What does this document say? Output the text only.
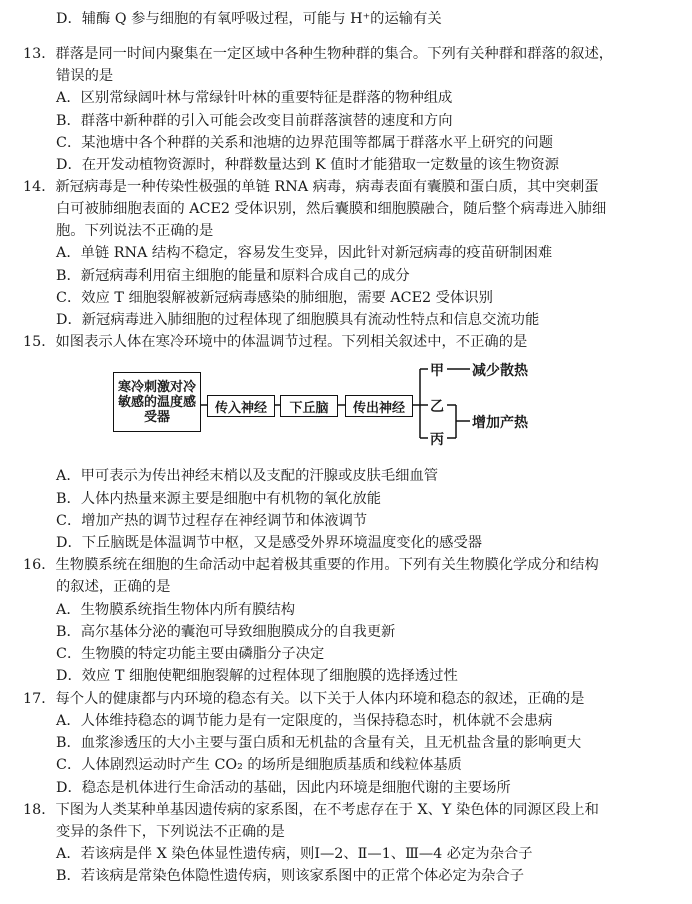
D．辅酶 Q 参与细胞的有氧呼吸过程，可能与 H⁺的运输有关
13．群落是同一时间内聚集在一定区域中各种生物种群的集合。下列有关种群和群落的叙述，
错误的是
A．区别常绿阔叶林与常绿针叶林的重要特征是群落的物种组成
B．群落中新种群的引入可能会改变目前群落演替的速度和方向
C．某池塘中各个种群的关系和池塘的边界范围等都属于群落水平上研究的问题
D．在开发动植物资源时，种群数量达到 K 值时才能猎取一定数量的该生物资源
14．新冠病毒是一种传染性极强的单链 RNA 病毒，病毒表面有囊膜和蛋白质，其中突刺蛋
白可被肺细胞表面的 ACE2 受体识别，然后囊膜和细胞膜融合，随后整个病毒进入肺细
胞。下列说法不正确的是
A．单链 RNA 结构不稳定，容易发生变异，因此针对新冠病毒的疫苗研制困难
B．新冠病毒利用宿主细胞的能量和原料合成自己的成分
C．效应 T 细胞裂解被新冠病毒感染的肺细胞，需要 ACE2 受体识别
D．新冠病毒进入肺细胞的过程体现了细胞膜具有流动性特点和信息交流功能
15．如图表示人体在寒冷环境中的体温调节过程。下列相关叙述中，不正确的是
A．甲可表示为传出神经末梢以及支配的汗腺或皮肤毛细血管
B．人体内热量来源主要是细胞中有机物的氧化放能
C．增加产热的调节过程存在神经调节和体液调节
D．下丘脑既是体温调节中枢，又是感受外界环境温度变化的感受器
16．生物膜系统在细胞的生命活动中起着极其重要的作用。下列有关生物膜化学成分和结构
的叙述，正确的是
A．生物膜系统指生物体内所有膜结构
B．高尔基体分泌的囊泡可导致细胞膜成分的自我更新
C．生物膜的特定功能主要由磷脂分子决定
D．效应 T 细胞使靶细胞裂解的过程体现了细胞膜的选择透过性
17．每个人的健康都与内环境的稳态有关。以下关于人体内环境和稳态的叙述，正确的是
A．人体维持稳态的调节能力是有一定限度的，当保持稳态时，机体就不会患病
B．血浆渗透压的大小主要与蛋白质和无机盐的含量有关，且无机盐含量的影响更大
C．人体剧烈运动时产生 CO₂ 的场所是细胞质基质和线粒体基质
D．稳态是机体进行生命活动的基础，因此内环境是细胞代谢的主要场所
18．下图为人类某种单基因遗传病的家系图，在不考虑存在于 X、Y 染色体的同源区段上和
变异的条件下，下列说法不正确的是
A．若该病是伴 X 染色体显性遗传病，则Ⅰ—2、Ⅱ—1、Ⅲ—4 必定为杂合子
B．若该病是常染色体隐性遗传病，则该家系图中的正常个体必定为杂合子
寒冷刺激对冷敏感的温度感受器
传入神经	下丘脑	传出神经
甲
乙
丙
减少散热
增加产热
